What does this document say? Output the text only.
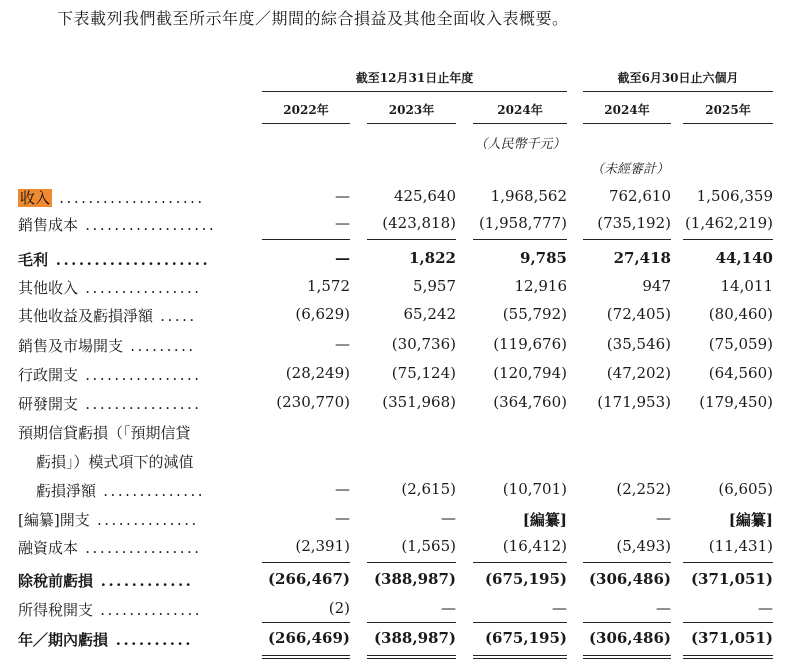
下表載列我們截至所示年度／期間的綜合損益及其他全面收入表概要。
截至12月31日止年度	截至6月30日止六個月
2022年	2023年	2024年	2024年	2025年
（人民幣千元）
（未經審計）
收入 ....................	—	425,640	1,968,562	762,610	1,506,359
銷售成本 ..................	—	(423,818)	(1,958,777)	(735,192) (1,462,219)
毛利 ....................	—	1,822	9,785	27,418	44,140
其他收入 ................	1,572	5,957	12,916	947	14,011
其他收益及虧損淨額 .....	(6,629)	65,242	(55,792)	(72,405)	(80,460)
銷售及市場開支 .........	—	(30,736)	(119,676)	(35,546)	(75,059)
行政開支 ................	(28,249)	(75,124)	(120,794)	(47,202)	(64,560)
研發開支 ................	(230,770)	(351,968)	(364,760)	(171,953)	(179,450)
預期信貸虧損（「預期信貸
虧損」）模式項下的減值
虧損淨額 ..............	—	(2,615)	(10,701)	(2,252)	(6,605)
[編纂]開支 ..............	—	—	[編纂]	—	[編纂]
融資成本 ................	(2,391)	(1,565)	(16,412)	(5,493)	(11,431)
除稅前虧損 ............	(266,467)	(388,987)	(675,195)	(306,486)	(371,051)
所得稅開支 ..............	(2)	—	—	—	—
年／期內虧損 ..........	(266,469)	(388,987)	(675,195)	(306,486)	(371,051)
